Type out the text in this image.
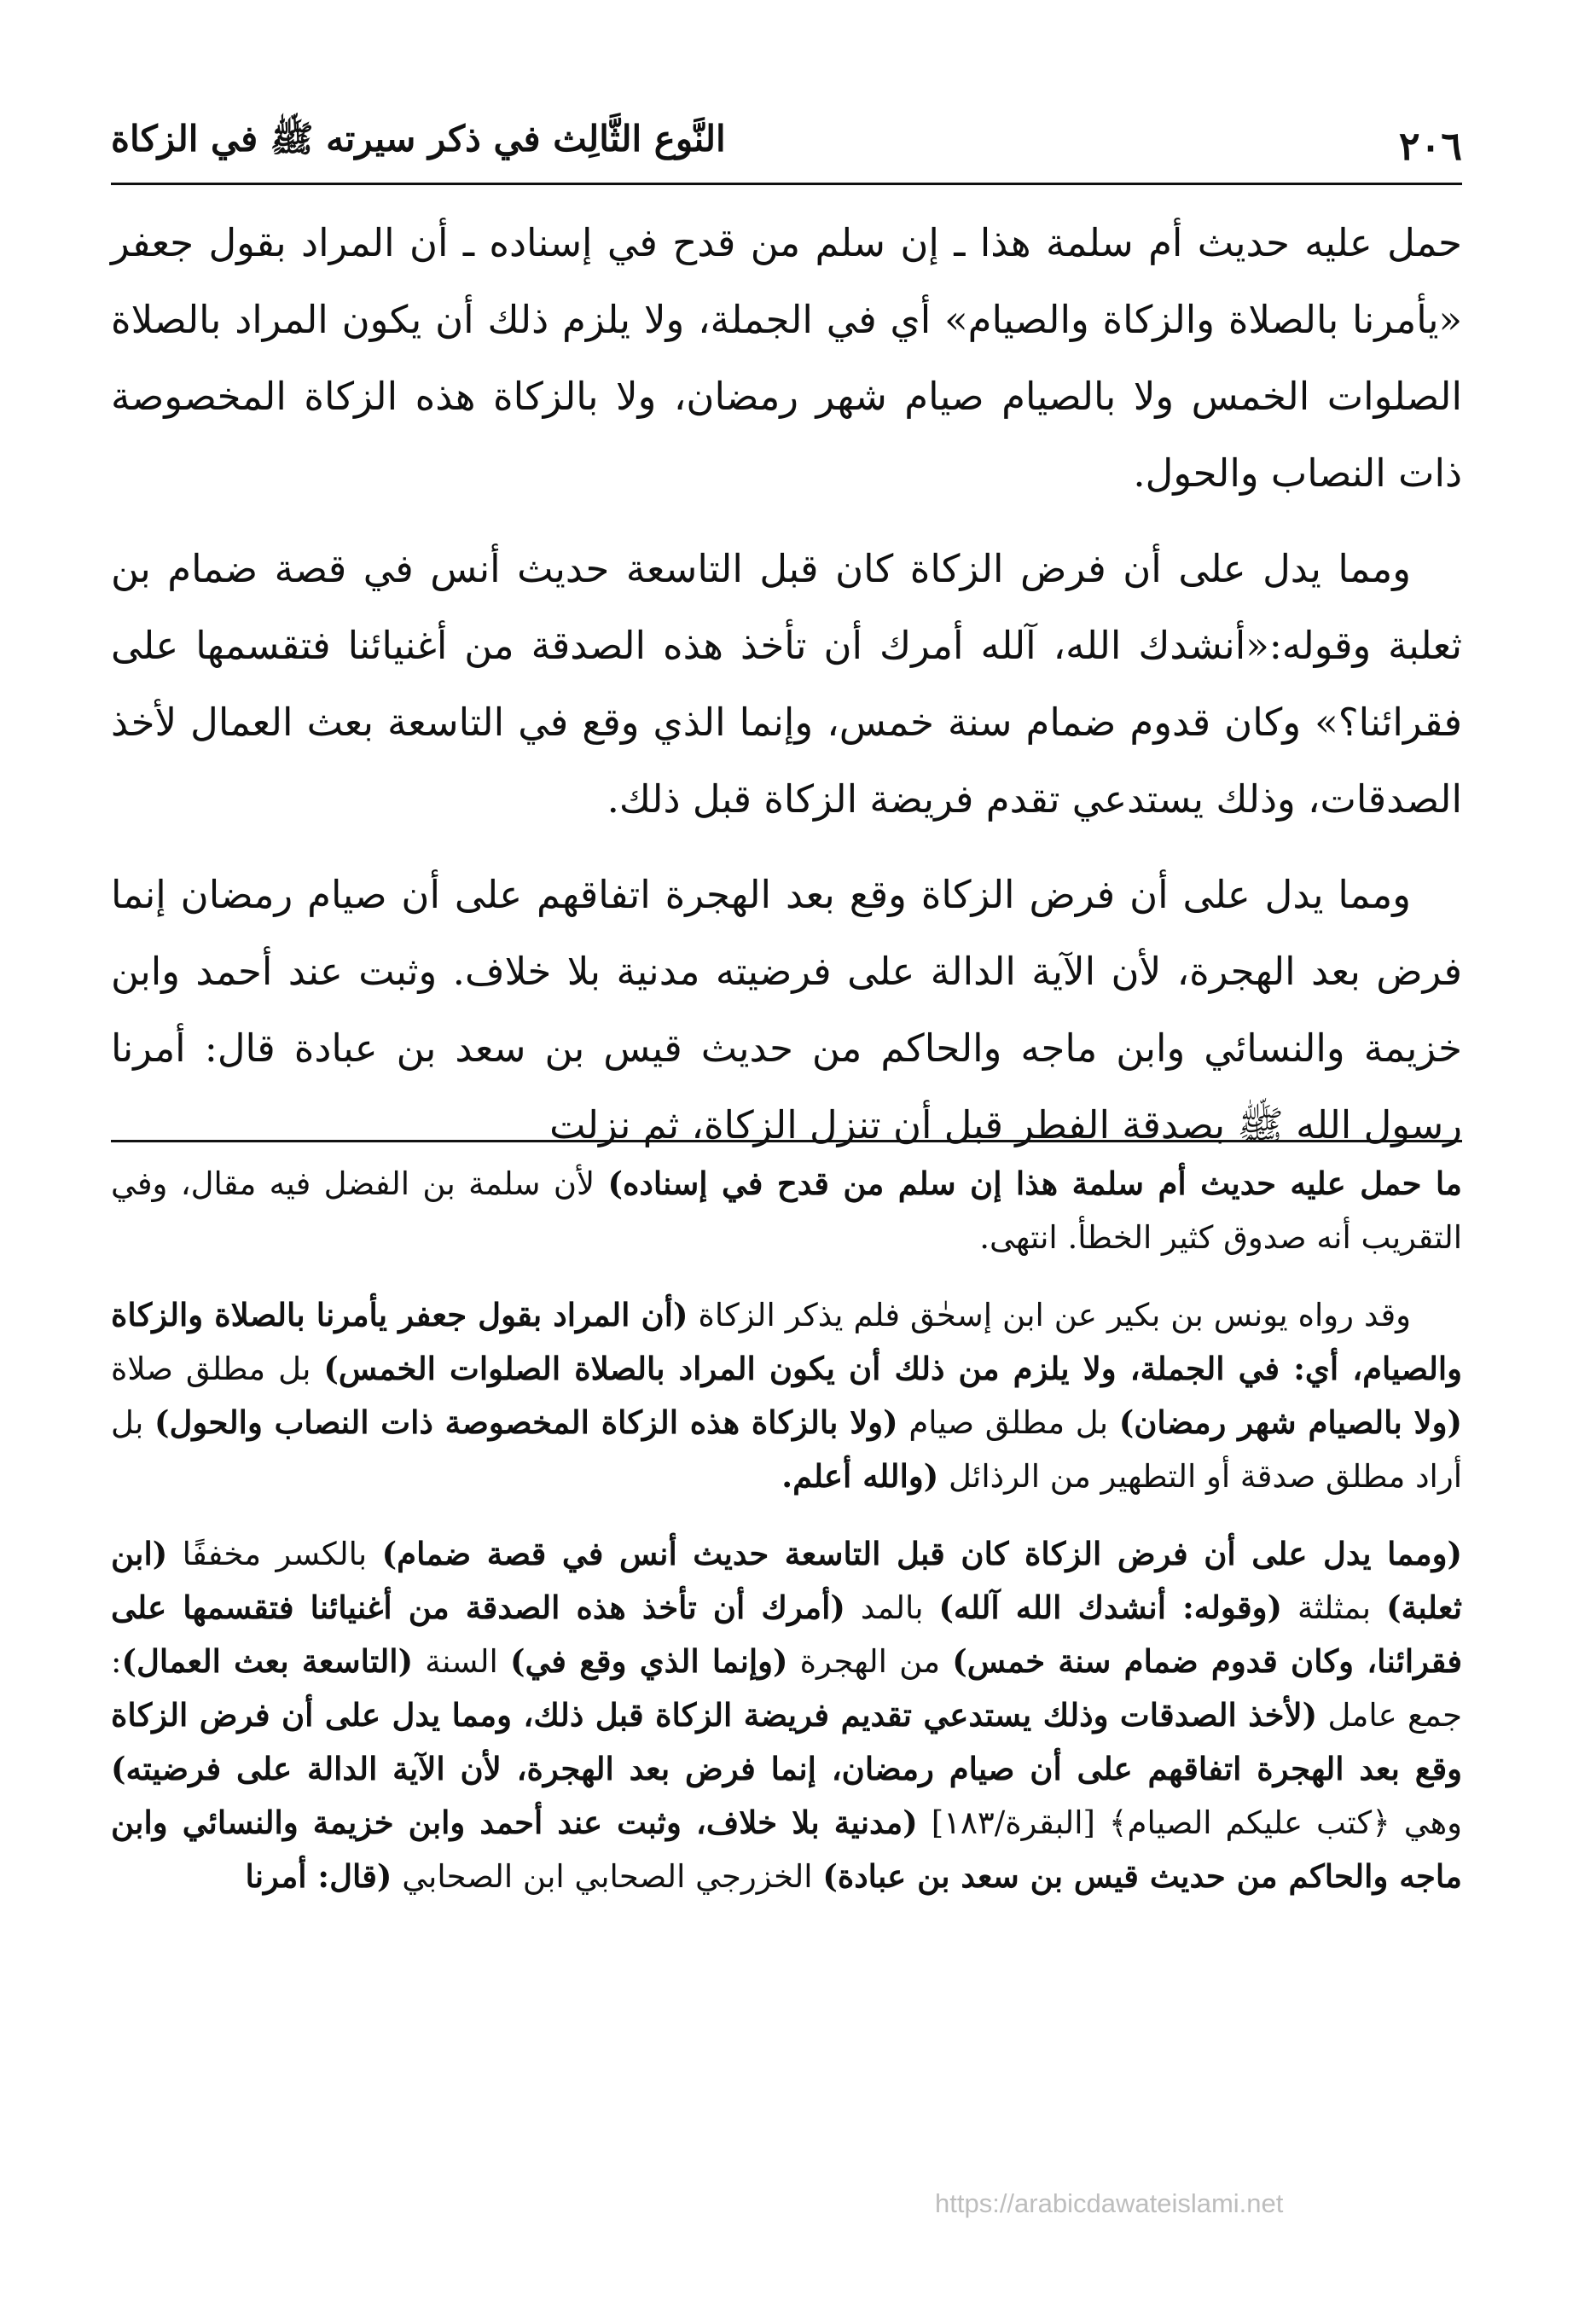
٢٠٦
النَّوع الثَّالِث في ذكر سيرته ﷺ في الزكاة

حمل عليه حديث أم سلمة هذا ـ إن سلم من قدح في إسناده ـ أن المراد بقول جعفر «يأمرنا بالصلاة والزكاة والصيام» أي في الجملة، ولا يلزم ذلك أن يكون المراد بالصلاة الصلوات الخمس ولا بالصيام صيام شهر رمضان، ولا بالزكاة هذه الزكاة المخصوصة ذات النصاب والحول.

ومما يدل على أن فرض الزكاة كان قبل التاسعة حديث أنس في قصة ضمام بن ثعلبة وقوله:«أنشدك الله، آلله أمرك أن تأخذ هذه الصدقة من أغنيائنا فتقسمها على فقرائنا؟» وكان قدوم ضمام سنة خمس، وإنما الذي وقع في التاسعة بعث العمال لأخذ الصدقات، وذلك يستدعي تقدم فريضة الزكاة قبل ذلك.

ومما يدل على أن فرض الزكاة وقع بعد الهجرة اتفاقهم على أن صيام رمضان إنما فرض بعد الهجرة، لأن الآية الدالة على فرضيته مدنية بلا خلاف. وثبت عند أحمد وابن خزيمة والنسائي وابن ماجه والحاكم من حديث قيس بن سعد بن عبادة قال: أمرنا رسول الله ﷺ بصدقة الفطر قبل أن تنزل الزكاة، ثم نزلت

ما حمل عليه حديث أم سلمة هذا إن سلم من قدح في إسناده) لأن سلمة بن الفضل فيه مقال، وفي التقريب أنه صدوق كثير الخطأ. انتهى.

وقد رواه يونس بن بكير عن ابن إسحٰق فلم يذكر الزكاة (أن المراد بقول جعفر يأمرنا بالصلاة والزكاة والصيام، أي: في الجملة، ولا يلزم من ذلك أن يكون المراد بالصلاة الصلوات الخمس) بل مطلق صلاة (ولا بالصيام شهر رمضان) بل مطلق صيام (ولا بالزكاة هذه الزكاة المخصوصة ذات النصاب والحول) بل أراد مطلق صدقة أو التطهير من الرذائل (والله أعلم.

(ومما يدل على أن فرض الزكاة كان قبل التاسعة حديث أنس في قصة ضمام) بالكسر مخففًا (ابن ثعلبة) بمثلثة (وقوله: أنشدك الله آلله) بالمد (أمرك أن تأخذ هذه الصدقة من أغنيائنا فتقسمها على فقرائنا، وكان قدوم ضمام سنة خمس) من الهجرة (وإنما الذي وقع في) السنة (التاسعة بعث العمال): جمع عامل (لأخذ الصدقات وذلك يستدعي تقديم فريضة الزكاة قبل ذلك، ومما يدل على أن فرض الزكاة وقع بعد الهجرة اتفاقهم على أن صيام رمضان، إنما فرض بعد الهجرة، لأن الآية الدالة على فرضيته) وهي ﴿كتب عليكم الصيام﴾ [البقرة/١٨٣] (مدنية بلا خلاف، وثبت عند أحمد وابن خزيمة والنسائي وابن ماجه والحاكم من حديث قيس بن سعد بن عبادة) الخزرجي الصحابي ابن الصحابي (قال: أمرنا

https://arabicdawateislami.net
